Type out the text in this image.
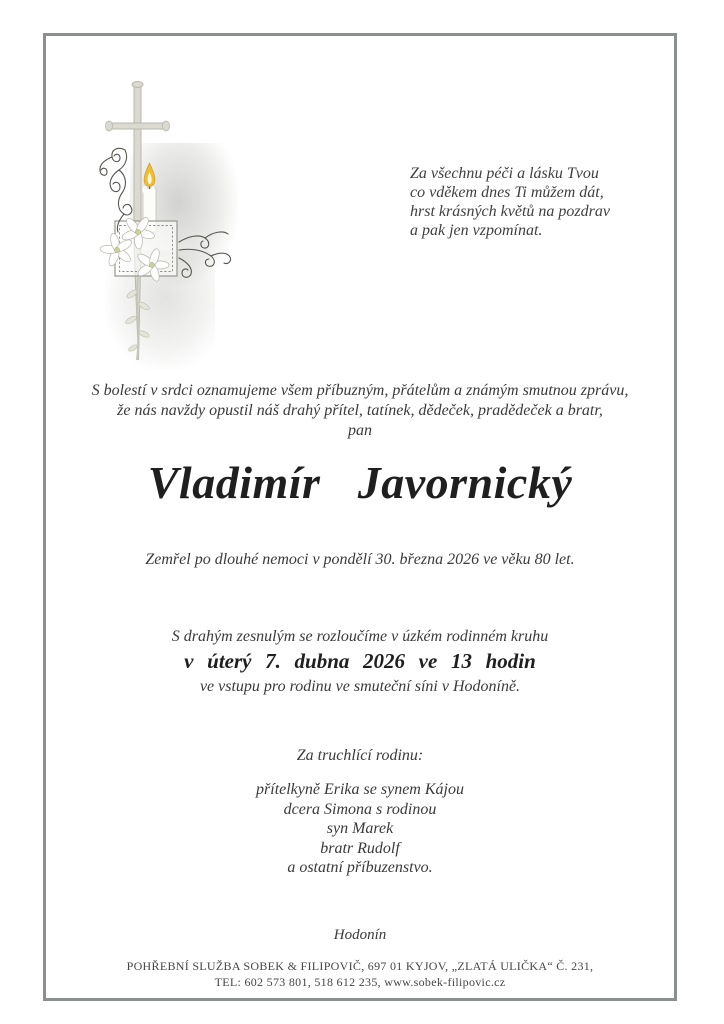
Za všechnu péči a lásku Tvou
co vděkem dnes Ti můžem dát,
hrst krásných květů na pozdrav
a pak jen vzpomínat.
S bolestí v srdci oznamujeme všem příbuzným, přátelům a známým smutnou zprávu,
že nás navždy opustil náš drahý přítel, tatínek, dědeček, pradědeček a bratr,
pan
Vladimír Javornický
Zemřel po dlouhé nemoci v pondělí 30. března 2026 ve věku 80 let.
S drahým zesnulým se rozloučíme v úzkém rodinném kruhu
v úterý 7. dubna 2026 ve 13 hodin
ve vstupu pro rodinu ve smuteční síni v Hodoníně.
Za truchlící rodinu:
přítelkyně Erika se synem Kájou
dcera Simona s rodinou
syn Marek
bratr Rudolf
a ostatní příbuzenstvo.
Hodonín
POHŘEBNÍ SLUŽBA SOBEK & FILIPOVIČ, 697 01 KYJOV, „ZLATÁ ULIČKA“ Č. 231,
TEL: 602 573 801, 518 612 235, www.sobek-filipovic.cz
